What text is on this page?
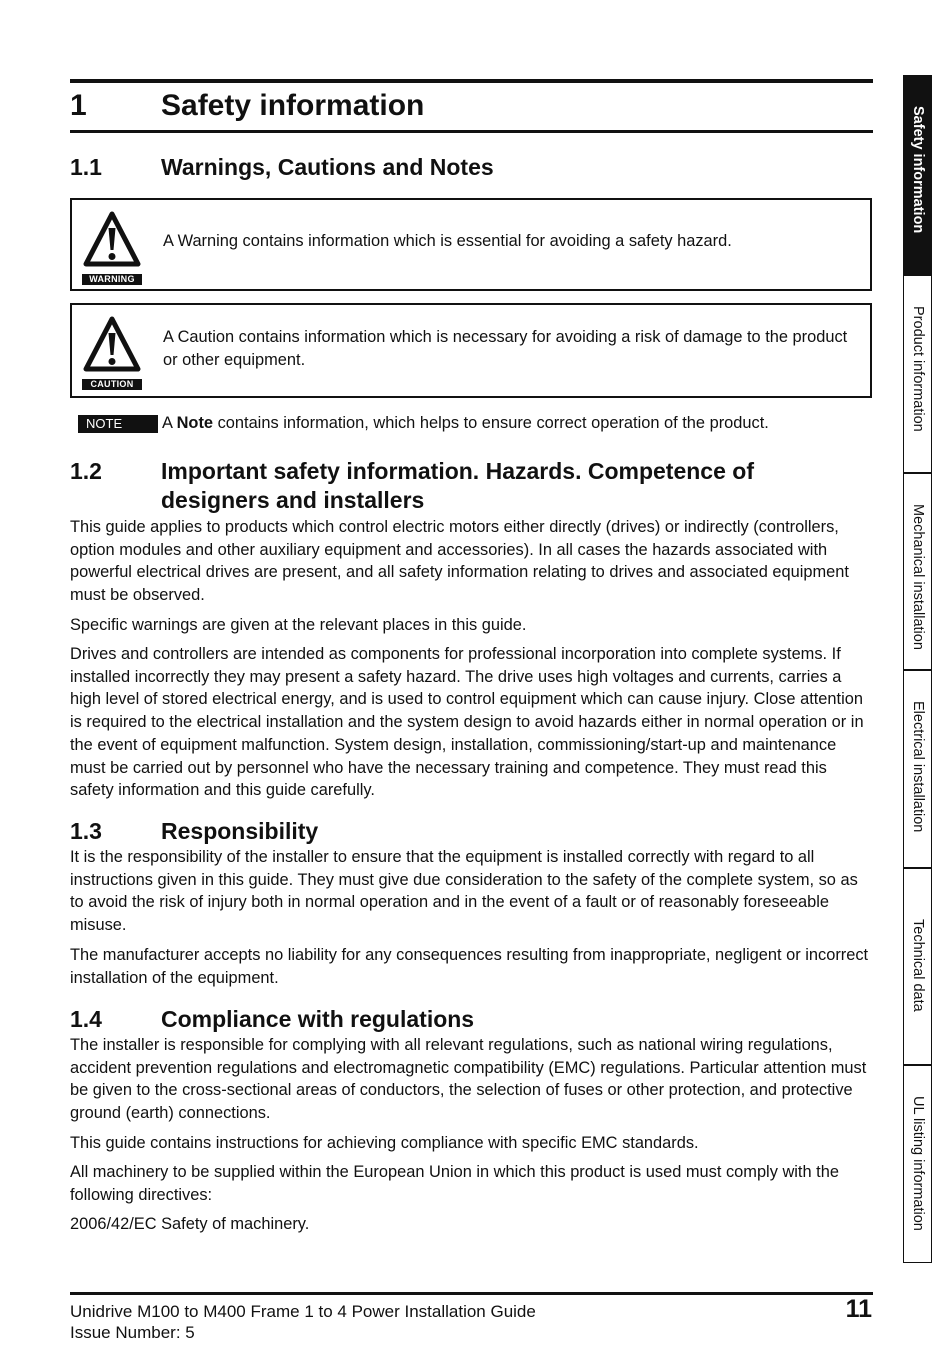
1 Safety information
1.1	Warnings, Cautions and Notes
WARNING
A Warning contains information which is essential for avoiding a safety hazard.
CAUTION
A Caution contains information which is necessary for avoiding a risk of damage to the product or other equipment.
NOTE	A Note contains information, which helps to ensure correct operation of the product.
1.2	Important safety information. Hazards. Competence of
designers and installers

This guide applies to products which control electric motors either directly (drives) or indirectly (controllers, option modules and other auxiliary equipment and accessories). In all cases the hazards associated with powerful electrical drives are present, and all safety information relating to drives and associated equipment must be observed.

Specific warnings are given at the relevant places in this guide.

Drives and controllers are intended as components for professional incorporation into complete systems. If installed incorrectly they may present a safety hazard. The drive uses high voltages and currents, carries a high level of stored electrical energy, and is used to control equipment which can cause injury. Close attention is required to the electrical installation and the system design to avoid hazards either in normal operation or in the event of equipment malfunction. System design, installation, commissioning/start-up and maintenance must be carried out by personnel who have the necessary training and competence. They must read this safety information and this guide carefully.

1.3	Responsibility

It is the responsibility of the installer to ensure that the equipment is installed correctly with regard to all instructions given in this guide. They must give due consideration to the safety of the complete system, so as to avoid the risk of injury both in normal operation and in the event of a fault or of reasonably foreseeable misuse.

The manufacturer accepts no liability for any consequences resulting from inappropriate, negligent or incorrect installation of the equipment.

1.4	Compliance with regulations

The installer is responsible for complying with all relevant regulations, such as national wiring regulations, accident prevention regulations and electromagnetic compatibility (EMC) regulations. Particular attention must be given to the cross-sectional areas of conductors, the selection of fuses or other protection, and protective ground (earth) connections.

This guide contains instructions for achieving compliance with specific EMC standards.

All machinery to be supplied within the European Union in which this product is used must comply with the following directives:

2006/42/EC Safety of machinery.

Safety information
Product information
Mechanical installation
Electrical installation
Technical data
UL listing information
Unidrive M100 to M400 Frame 1 to 4 Power Installation Guide
Issue Number: 5
11
